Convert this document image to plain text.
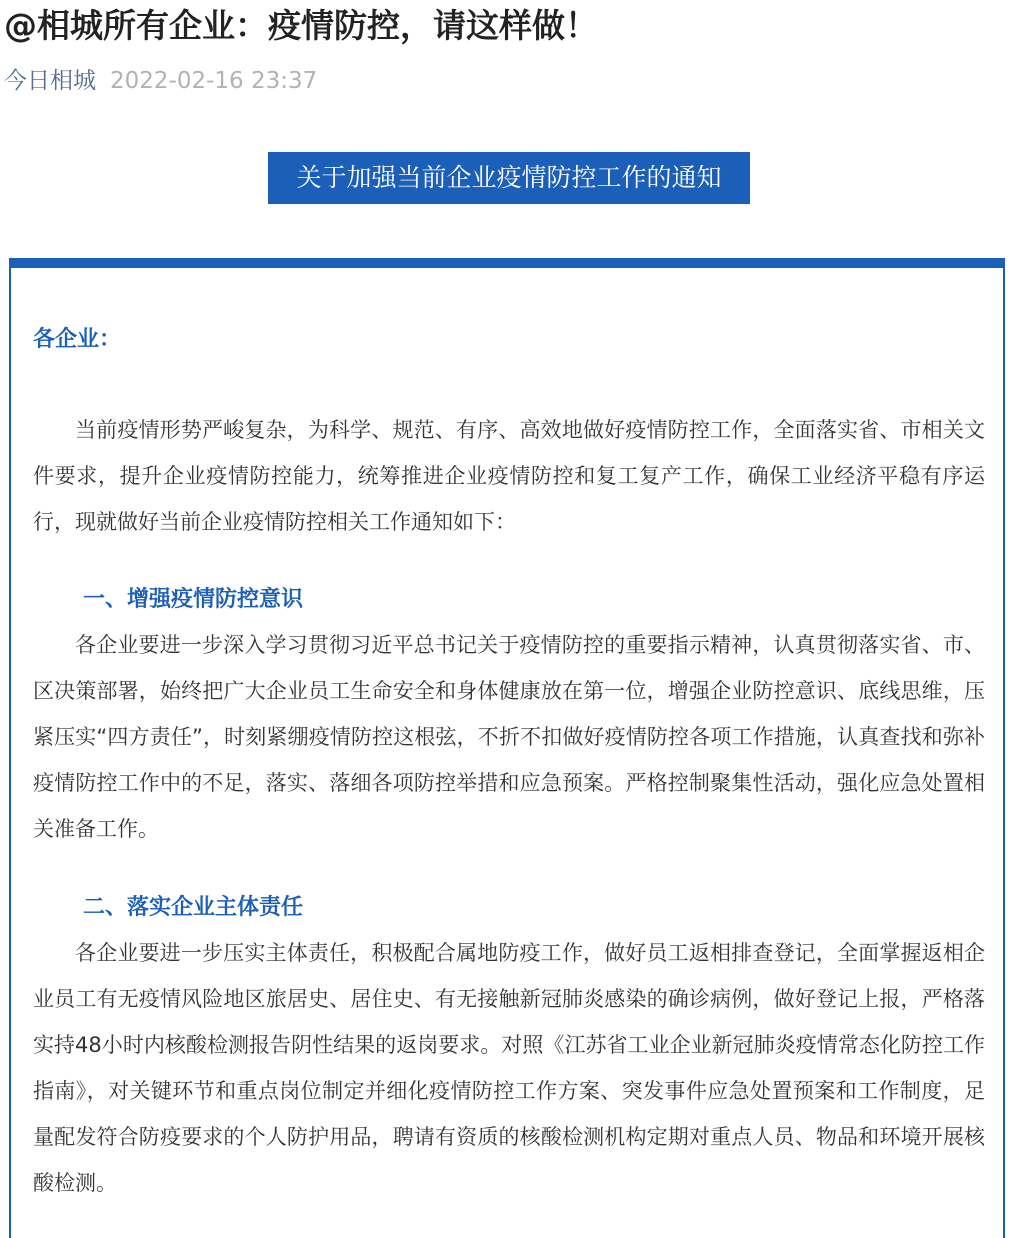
@相城所有企业：疫情防控，请这样做！
今日相城 2022-02-16 23:37
关于加强当前企业疫情防控工作的通知
各企业：

当前疫情形势严峻复杂，为科学、规范、有序、高效地做好疫情防控工作，全面落实省、市相关文件要求，提升企业疫情防控能力，统筹推进企业疫情防控和复工复产工作，确保工业经济平稳有序运行，现就做好当前企业疫情防控相关工作通知如下：

一、增强疫情防控意识

各企业要进一步深入学习贯彻习近平总书记关于疫情防控的重要指示精神，认真贯彻落实省、市、区决策部署，始终把广大企业员工生命安全和身体健康放在第一位，增强企业防控意识、底线思维，压紧压实“四方责任”，时刻紧绷疫情防控这根弦，不折不扣做好疫情防控各项工作措施，认真查找和弥补疫情防控工作中的不足，落实、落细各项防控举措和应急预案。严格控制聚集性活动，强化应急处置相关准备工作。

二、落实企业主体责任

各企业要进一步压实主体责任，积极配合属地防疫工作，做好员工返相排查登记，全面掌握返相企业员工有无疫情风险地区旅居史、居住史、有无接触新冠肺炎感染的确诊病例，做好登记上报，严格落实持48小时内核酸检测报告阴性结果的返岗要求。对照《江苏省工业企业新冠肺炎疫情常态化防控工作指南》，对关键环节和重点岗位制定并细化疫情防控工作方案、突发事件应急处置预案和工作制度，足量配发符合防疫要求的个人防护用品，聘请有资质的核酸检测机构定期对重点人员、物品和环境开展核酸检测。
